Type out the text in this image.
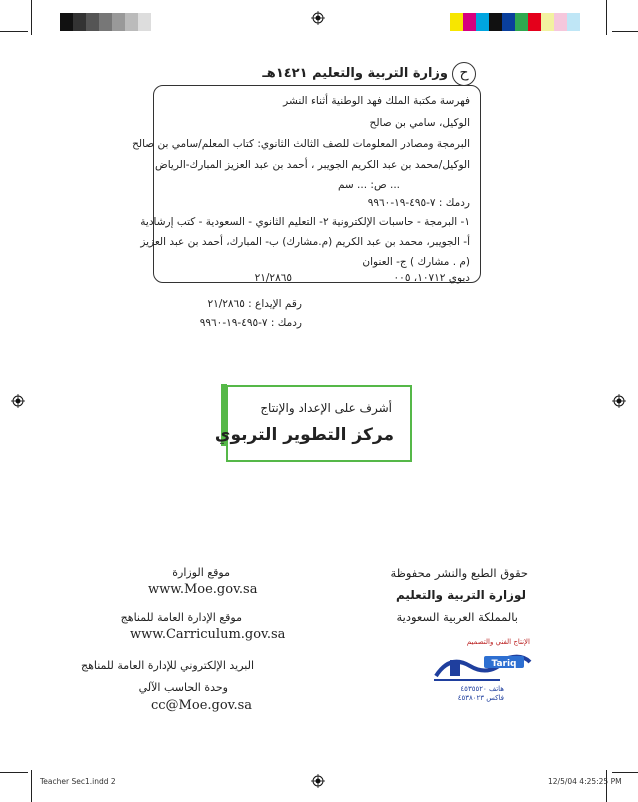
ح
وزارة التربية والتعليم ١٤٢١هـ
فهرسة مكتبة الملك فهد الوطنية أثناء النشر
الوكيل، سامي بن صالح
البرمجة ومصادر المعلومات للصف الثالث الثانوي: كتاب المعلم/سامي بن صالح
الوكيل/محمد بن عبد الكريم الجويبر ، أحمد بن عبد العزيز المبارك-الرياض
... ص: ... سم
ردمك : ٧-٤٩٥-١٩-٩٩٦٠
١- البرمجة - حاسبات الإلكترونية ٢- التعليم الثانوي - السعودية - كتب إرشادية
أ- الجويبر، محمد بن عبد الكريم (م.مشارك) ب- المبارك، أحمد بن عبد العزيز
(م . مشارك ) ج- العنوان
ديوي ١٠٧١٢، ٠٠٥
٢١/٢٨٦٥
رقم الإيداع : ٢١/٢٨٦٥
ردمك : ٧-٤٩٥-١٩-٩٩٦٠
أشرف على الإعداد والإنتاج
مركز التطوير التربوي
حقوق الطبع والنشر محفوظة
لوزارة التربية والتعليم
بالمملكة العربية السعودية
موقع الوزارة
www.Moe.gov.sa
موقع الإدارة العامة للمناهج
www.Carriculum.gov.sa
البريد الإلكتروني للإدارة العامة للمناهج
وحدة الحاسب الآلي
cc@Moe.gov.sa
الإنتاج الفني والتصميم
Tariq
هاتف ٤٥٣٥٥٢٠
فاكس ٤٥٣٨٠٢٣
Teacher Sec1.indd 2	12/5/04 4:25:25 PM
